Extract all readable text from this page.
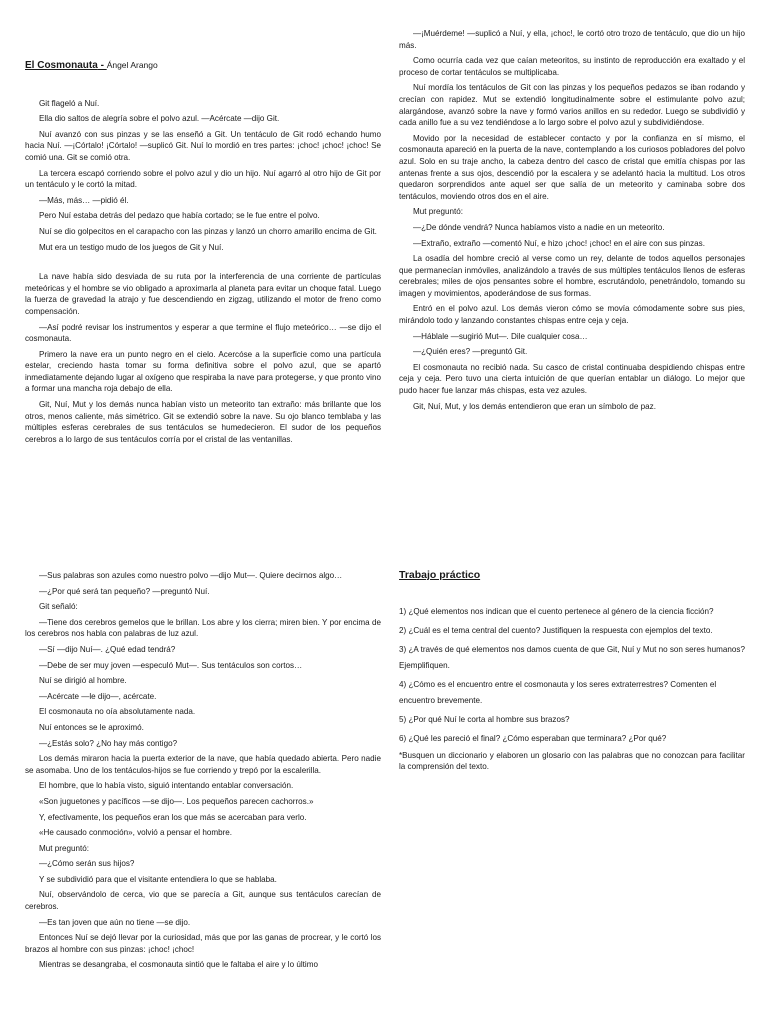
El Cosmonauta - Ángel Arango

Git flageló a Nuí.

Ella dio saltos de alegría sobre el polvo azul. —Acércate —dijo Git.

Nuí avanzó con sus pinzas y se las enseñó a Git. Un tentáculo de Git rodó echando humo hacia Nuí. —¡Córtalo! ¡Córtalo! —suplicó Git. Nuí lo mordió en tres partes: ¡choc! ¡choc! ¡choc! Se comió una. Git se comió otra.

La tercera escapó corriendo sobre el polvo azul y dio un hijo. Nuí agarró al otro hijo de Git por un tentáculo y le cortó la mitad.

—Más, más… —pidió él.

Pero Nuí estaba detrás del pedazo que había cortado; se le fue entre el polvo.

Nuí se dio golpecitos en el carapacho con las pinzas y lanzó un chorro amarillo encima de Git.

Mut era un testigo mudo de los juegos de Git y Nuí.

La nave había sido desviada de su ruta por la interferencia de una corriente de partículas meteóricas y el hombre se vio obligado a aproximarla al planeta para evitar un choque fatal. Luego la fuerza de gravedad la atrajo y fue descendiendo en zigzag, utilizando el motor de freno como compensación.

—Así podré revisar los instrumentos y esperar a que termine el flujo meteórico… —se dijo el cosmonauta.

Primero la nave era un punto negro en el cielo. Acercóse a la superficie como una partícula estelar, creciendo hasta tomar su forma definitiva sobre el polvo azul, que se apartó inmediatamente dejando lugar al oxígeno que respiraba la nave para protegerse, y que pronto vino a formar una mancha roja debajo de ella.

Git, Nuí, Mut y los demás nunca habían visto un meteorito tan extraño: más brillante que los otros, menos caliente, más simétrico. Git se extendió sobre la nave. Su ojo blanco temblaba y las múltiples esferas cerebrales de sus tentáculos se humedecieron. El sudor de los pequeños cerebros a lo largo de sus tentáculos corría por el cristal de las ventanillas.

—¡Muérdeme! —suplicó a Nuí, y ella, ¡choc!, le cortó otro trozo de tentáculo, que dio un hijo más.

Como ocurría cada vez que caían meteoritos, su instinto de reproducción era exaltado y el proceso de cortar tentáculos se multiplicaba.

Nuí mordía los tentáculos de Git con las pinzas y los pequeños pedazos se iban rodando y crecían con rapidez. Mut se extendió longitudinalmente sobre el estimulante polvo azul; alargándose, avanzó sobre la nave y formó varios anillos en su rededor. Luego se subdividió y cada anillo fue a su vez tendiéndose a lo largo sobre el polvo azul y subdividiéndose.

Movido por la necesidad de establecer contacto y por la confianza en sí mismo, el cosmonauta apareció en la puerta de la nave, contemplando a los curiosos pobladores del polvo azul. Solo en su traje ancho, la cabeza dentro del casco de cristal que emitía chispas por las antenas frente a sus ojos, descendió por la escalera y se adelantó hacia la multitud. Los otros quedaron sorprendidos ante aquel ser que salía de un meteorito y caminaba sobre dos tentáculos, moviendo otros dos en el aire.

Mut preguntó:

—¿De dónde vendrá? Nunca habíamos visto a nadie en un meteorito.

—Extraño, extraño —comentó Nuí, e hizo ¡choc! ¡choc! en el aire con sus pinzas.

La osadía del hombre creció al verse como un rey, delante de todos aquellos personajes que permanecían inmóviles, analizándolo a través de sus múltiples tentáculos llenos de esferas cerebrales; miles de ojos pensantes sobre el hombre, escrutándolo, penetrándolo, tomando su imagen y movimientos, apoderándose de sus formas.

Entró en el polvo azul. Los demás vieron cómo se movía cómodamente sobre sus pies, mirándolo todo y lanzando constantes chispas entre ceja y ceja.

—Háblale —sugirió Mut—. Dile cualquier cosa…

—¿Quién eres? —preguntó Git.

El cosmonauta no recibió nada. Su casco de cristal continuaba despidiendo chispas entre ceja y ceja. Pero tuvo una cierta intuición de que querían entablar un diálogo. Lo mejor que pudo hacer fue lanzar más chispas, esta vez azules.

Git, Nuí, Mut, y los demás entendieron que eran un símbolo de paz.

—Sus palabras son azules como nuestro polvo —dijo Mut—. Quiere decirnos algo…

—¿Por qué será tan pequeño? —preguntó Nuí.

Git señaló:

—Tiene dos cerebros gemelos que le brillan. Los abre y los cierra; miren bien. Y por encima de los cerebros nos habla con palabras de luz azul.

—Sí —dijo Nuí—. ¿Qué edad tendrá?

—Debe de ser muy joven —especuló Mut—. Sus tentáculos son cortos…

Nuí se dirigió al hombre.

—Acércate —le dijo—, acércate.

El cosmonauta no oía absolutamente nada.

Nuí entonces se le aproximó.

—¿Estás solo? ¿No hay más contigo?

Los demás miraron hacia la puerta exterior de la nave, que había quedado abierta. Pero nadie se asomaba. Uno de los tentáculos-hijos se fue corriendo y trepó por la escalerilla.

El hombre, que lo había visto, siguió intentando entablar conversación.

«Son juguetones y pacíficos —se dijo—. Los pequeños parecen cachorros.»

Y, efectivamente, los pequeños eran los que más se acercaban para verlo.

«He causado conmoción», volvió a pensar el hombre.

Mut preguntó:

—¿Cómo serán sus hijos?

Y se subdividió para que el visitante entendiera lo que se hablaba.

Nuí, observándolo de cerca, vio que se parecía a Git, aunque sus tentáculos carecían de cerebros.

—Es tan joven que aún no tiene —se dijo.

Entonces Nuí se dejó llevar por la curiosidad, más que por las ganas de procrear, y le cortó los brazos al hombre con sus pinzas: ¡choc! ¡choc!

Mientras se desangraba, el cosmonauta sintió que le faltaba el aire y lo último

Trabajo práctico
1) ¿Qué elementos nos indican que el cuento pertenece al género de la ciencia ficción?
2) ¿Cuál es el tema central del cuento? Justifiquen la respuesta con ejemplos del texto.
3) ¿A través de qué elementos nos damos cuenta de que Git, Nuí y Mut no son seres humanos? Ejemplifiquen.
4) ¿Cómo es el encuentro entre el cosmonauta y los seres extraterrestres? Comenten el encuentro brevemente.
5) ¿Por qué Nuí le corta al hombre sus brazos?
6) ¿Qué les pareció el final? ¿Cómo esperaban que terminara? ¿Por qué?

*Busquen un diccionario y elaboren un glosario con las palabras que no conozcan para facilitar la comprensión del texto.
